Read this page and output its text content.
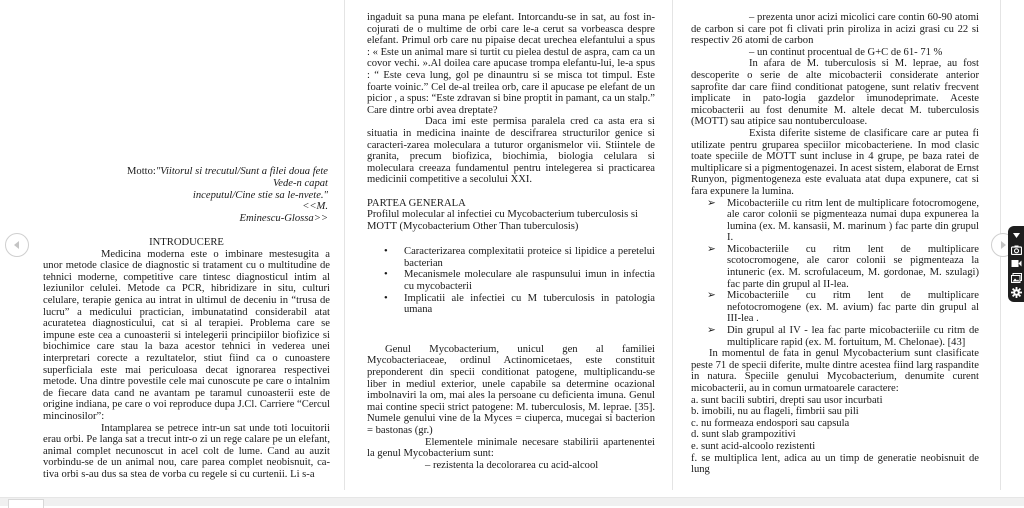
Motto:"Viitorul si trecutul/Sunt a filei doua fete
Vede-n capat
inceputul/Cine stie sa le-nvete."
<<M.
Eminescu-Glossa>>

INTRODUCERE

Medicina moderna este o imbinare mestesugita a unor metode clasice de diagnostic si tratament cu o multitudine de tehnici moderne, competitive care tintesc diagnosticul intim al leziunilor celulei. Metode ca PCR, hibridizare in situ, culturi celulare, terapie genica au intrat in ultimul de deceniu in “trusa de lucru” a medicului practician, imbunatatind considerabil atat acuratetea diagnosticului, cat si al terapiei. Problema care se impune este cea a cunoasterii si intelegerii principiilor biofizice si biochimice care stau la baza acestor tehnici in vederea unei interpretari corecte a rezultatelor, stiut fiind ca o cunoastere superficiala este mai periculoasa decat ignorarea respectivei metode. Una dintre povestile cele mai cunoscute pe care o intalnim de fiecare data cand ne avantam pe taramul cunoasterii este de origine indiana, pe care o voi reproduce dupa J.Cl. Carriere “Cercul mincinosilor”:

Intamplarea se petrece intr-un sat unde toti locuitorii erau orbi. Pe langa sat a trecut intr-o zi un rege calare pe un elefant, animal complet necunoscut in acel colt de lume. Cand au auzit vorbindu-se de un animal nou, care parea complet neobisnuit, ca-tiva orbi s-au dus sa stea de vorba cu regele si cu curtenii. Li s-a

ingaduit sa puna mana pe elefant. Intorcandu-se in sat, au fost in-cojurati de o multime de orbi care le-a cerut sa vorbeasca despre elefant. Primul orb care nu pipaise decat urechea elefantului a spus : « Este un animal mare si turtit cu pielea destul de aspra, cam ca un covor vechi. ».Al doilea care apucase trompa elefantu-lui, le-a spus : “ Este ceva lung, gol pe dinauntru si se misca tot timpul. Este foarte voinic.” Cel de-al treilea orb, care il apucase pe elefant de un picior , a spus: “Este zdravan si bine proptit in pamant, ca un stalp.” Care dintre orbi avea dreptate?

Daca imi este permisa paralela cred ca asta era si situatia in medicina inainte de descifrarea structurilor genice si caracteri-zarea moleculara a tuturor organismelor vii. Stiintele de granita, precum biofizica, biochimia, biologia celulara si moleculara creeaza fundamentul pentru intelegerea si practicarea medicinii competitive a secolului XXI.

PARTEA GENERALA

Profilul molecular al infectiei cu Mycobacterium tuberculosis si MOTT (Mycobacterium Other Than tuberculosis)

• Caracterizarea complexitatii proteice si lipidice a peretelui bacterian
• Mecanismele moleculare ale raspunsului imun in infectia cu mycobacterii
• Implicatii ale infectiei cu M tuberculosis in patologia umana

Genul Mycobacterium, unicul gen al familiei Mycobacteriaceae, ordinul Actinomicetaes, este constituit preponderent din specii conditionat patogene, multiplicandu-se liber in mediul exterior, unele capabile sa determine ocazional imbolnaviri la om, mai ales la persoane cu deficienta imuna. Genul mai contine specii strict patogene: M. tuberculosis, M. leprae. [35]. Numele genului vine de la Myces = ciuperca, mucegai si bacterion = bastonas (gr.)

Elementele minimale necesare stabilirii apartenentei la genul Mycobacterium sunt:

– rezistenta la decolorarea cu acid-alcool

– prezenta unor acizi micolici care contin 60-90 atomi de carbon si care pot fi clivati prin piroliza in acizi grasi cu 22 si respectiv 26 atomi de carbon

– un continut procentual de G+C de 61- 71 %

In afara de M. tuberculosis si M. leprae, au fost descoperite o serie de alte micobacterii considerate anterior saprofite dar care fiind conditionat patogene, sunt relativ frecvent implicate in pato-logia gazdelor imunodeprimate. Aceste micobacterii au fost denumite M. altele decat M. tuberculosis (MOTT) sau atipice sau nontuberculoase.

Exista diferite sisteme de clasificare care ar putea fi utilizate pentru gruparea speciilor micobacteriene. In mod clasic toate speciile de MOTT sunt incluse in 4 grupe, pe baza ratei de multiplicare si a pigmentogenazei. In acest sistem, elaborat de Ernst Runyon, pigmentogeneza este evaluata atat dupa expunere, cat si fara expunere la lumina.

➢ Micobacteriile cu ritm lent de multiplicare fotocromogene, ale caror colonii se pigmenteaza numai dupa expunerea la lumina (ex. M. kansasii, M. marinum ) fac parte din grupul I.
➢ Micobacteriile cu ritm lent de multiplicare scotocromogene, ale caror colonii se pigmenteaza la intuneric (ex. M. scrofulaceum, M. gordonae, M. szulagi) fac parte din grupul al II-lea.
➢ Micobacteriile cu ritm lent de multiplicare nefotocromogene (ex. M. avium) fac parte din grupul al III-lea .
➢ Din grupul al IV - lea fac parte micobacteriile cu ritm de multiplicare rapid (ex. M. fortuitum, M. Chelonae). [43]

In momentul de fata in genul Mycobacterium sunt clasificate peste 71 de specii diferite, multe dintre acestea fiind larg raspandite in natura. Speciile genului Mycobacterium, denumite curent micobacterii, au in comun urmatoarele caractere:

a. sunt bacili subtiri, drepti sau usor incurbati

b. imobili, nu au flageli, fimbrii sau pili

c. nu formeaza endospori sau capsula

d. sunt slab grampozitivi

e. sunt acid-alcoolo rezistenti

f. se multiplica lent, adica au un timp de generatie neobisnuit de lung
